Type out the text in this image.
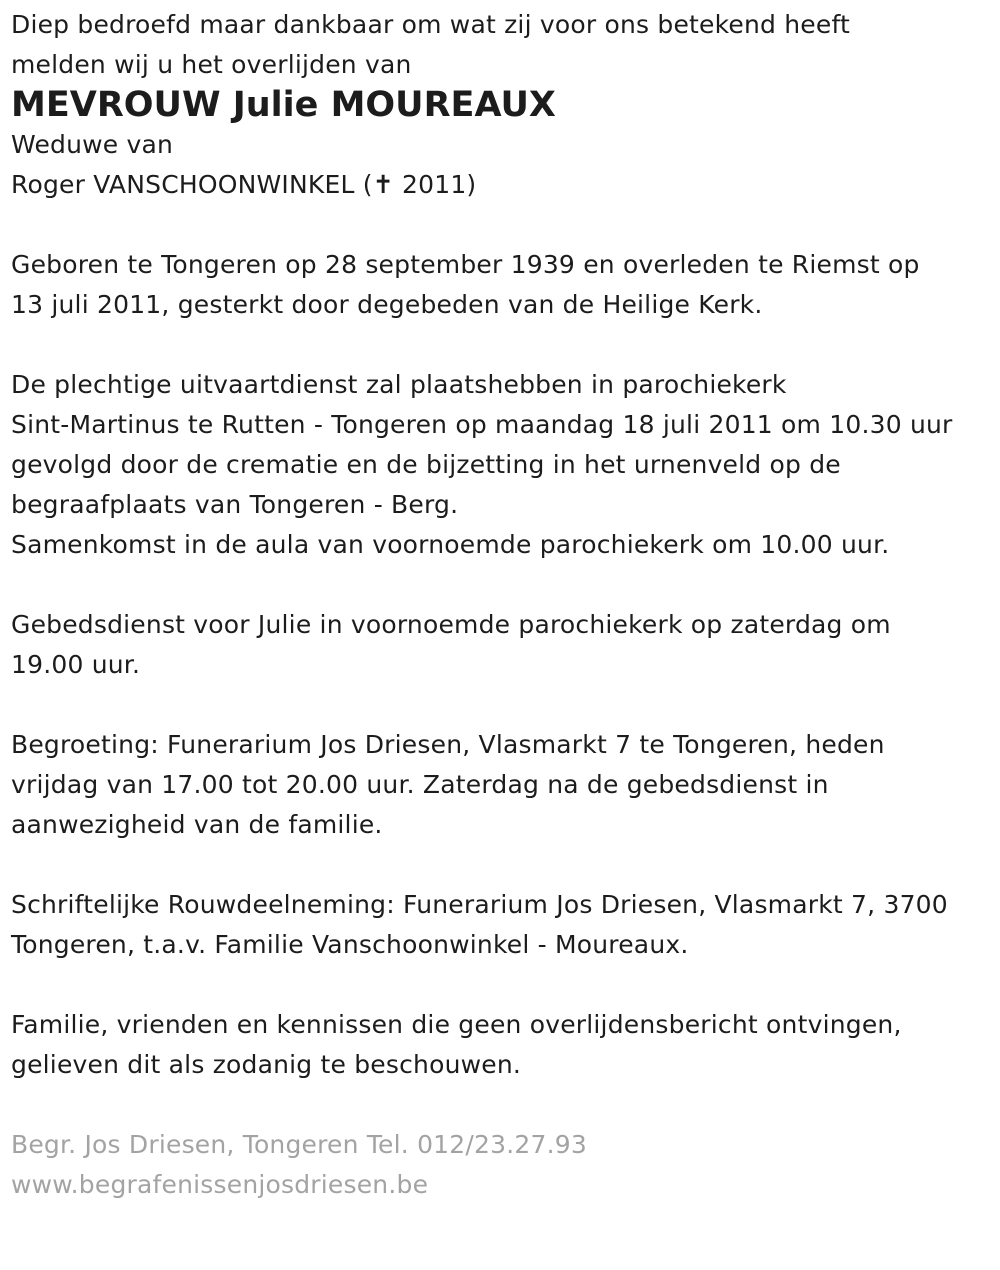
Diep bedroefd maar dankbaar om wat zij voor ons betekend heeft

melden wij u het overlijden van

MEVROUW Julie MOUREAUX

Weduwe van

Roger VANSCHOONWINKEL (✝ 2011)

Geboren te Tongeren op 28 september 1939 en overleden te Riemst op

13 juli 2011, gesterkt door degebeden van de Heilige Kerk.

De plechtige uitvaartdienst zal plaatshebben in parochiekerk

Sint-Martinus te Rutten - Tongeren op maandag 18 juli 2011 om 10.30 uur

gevolgd door de crematie en de bijzetting in het urnenveld op de

begraafplaats van Tongeren - Berg.

Samenkomst in de aula van voornoemde parochiekerk om 10.00 uur.

Gebedsdienst voor Julie in voornoemde parochiekerk op zaterdag om

19.00 uur.

Begroeting: Funerarium Jos Driesen, Vlasmarkt 7 te Tongeren, heden

vrijdag van 17.00 tot 20.00 uur. Zaterdag na de gebedsdienst in

aanwezigheid van de familie.

Schriftelijke Rouwdeelneming: Funerarium Jos Driesen, Vlasmarkt 7, 3700

Tongeren, t.a.v. Familie Vanschoonwinkel - Moureaux.

Familie, vrienden en kennissen die geen overlijdensbericht ontvingen,

gelieven dit als zodanig te beschouwen.

Begr. Jos Driesen, Tongeren Tel. 012/23.27.93

www.begrafenissenjosdriesen.be
